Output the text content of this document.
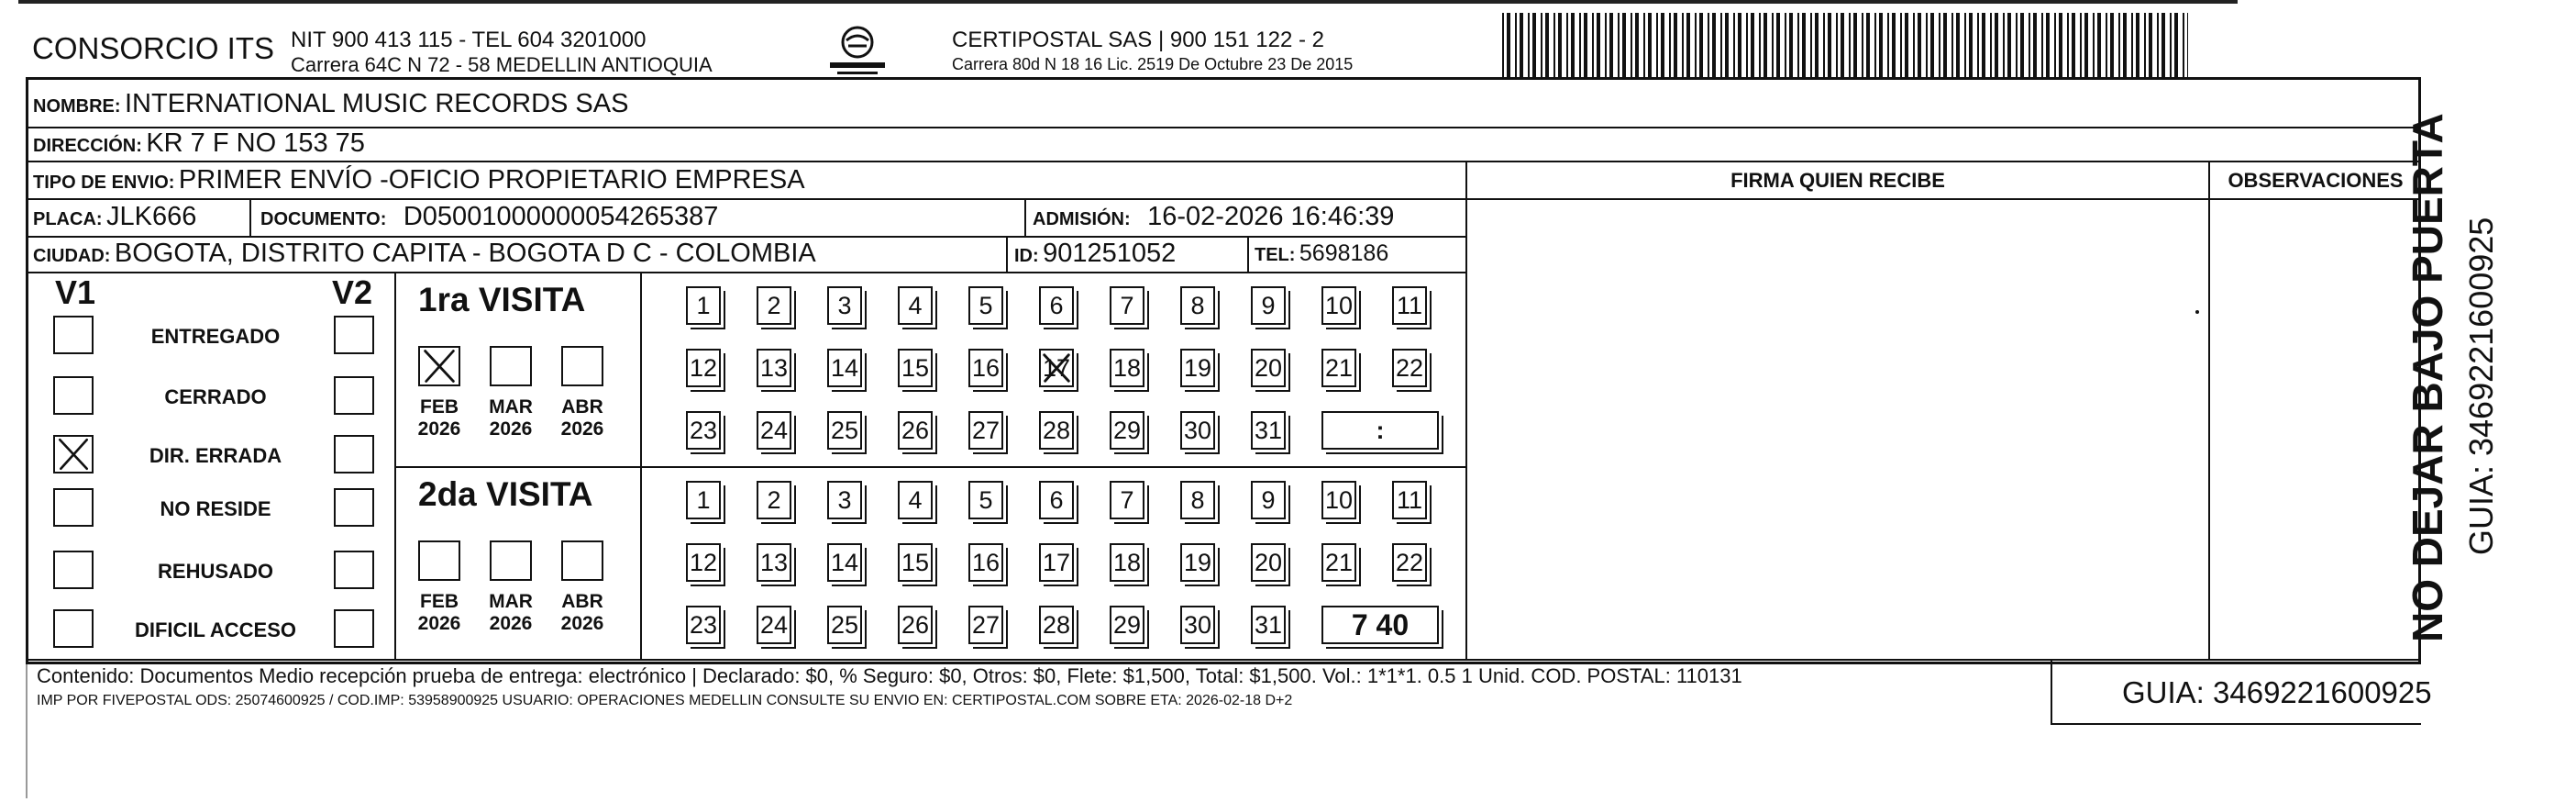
CONSORCIO ITS NIT 900 413 115 - TEL 604 3201000
Carrera 64C N 72 - 58 MEDELLIN ANTIOQUIA
CERTIPOSTAL SAS | 900 151 122 - 2
Carrera 80d N 18 16 Lic. 2519 De Octubre 23 De 2015
NOMBRE: INTERNATIONAL MUSIC RECORDS SAS
DIRECCIÓN: KR 7 F NO 153 75
TIPO DE ENVIO: PRIMER ENVÍO -OFICIO PROPIETARIO EMPRESA
PLACA: JLK666	DOCUMENTO: D05001000000054265387	ADMISIÓN: 16-02-2026 16:46:39
CIUDAD: BOGOTA, DISTRITO CAPITA - BOGOTA D C - COLOMBIA	ID: 901251052	TEL: 5698186
FIRMA QUIEN RECIBE	OBSERVACIONES
V1	V2
ENTREGADO
CERRADO
DIR. ERRADA
NO RESIDE
REHUSADO
DIFICIL ACCESO
1ra VISITA
FEB
2026
MAR
2026
ABR
2026
1 2 3 4 5 6 7 8 9 10 11
12 13 14 15 16 17 18 19 20 21 22
23 24 25 26 27 28 29 30 31	:
2da VISITA
FEB
2026
MAR
2026
ABR
2026
1 2 3 4 5 6 7 8 9 10 11
12 13 14 15 16 17 18 19 20 21 22
23 24 25 26 27 28 29 30 31 7 40
Contenido: Documentos Medio recepción prueba de entrega: electrónico | Declarado: $0, % Seguro: $0, Otros: $0, Flete: $1,500, Total: $1,500. Vol.: 1*1*1. 0.5 1 Unid. COD. POSTAL: 110131
IMP POR FIVEPOSTAL ODS: 25074600925 / COD.IMP: 53958900925 USUARIO: OPERACIONES MEDELLIN CONSULTE SU ENVIO EN: CERTIPOSTAL.COM SOBRE ETA: 2026-02-18 D+2	GUIA: 3469221600925
NO DEJAR BAJO PUERTA GUIA: 3469221600925
